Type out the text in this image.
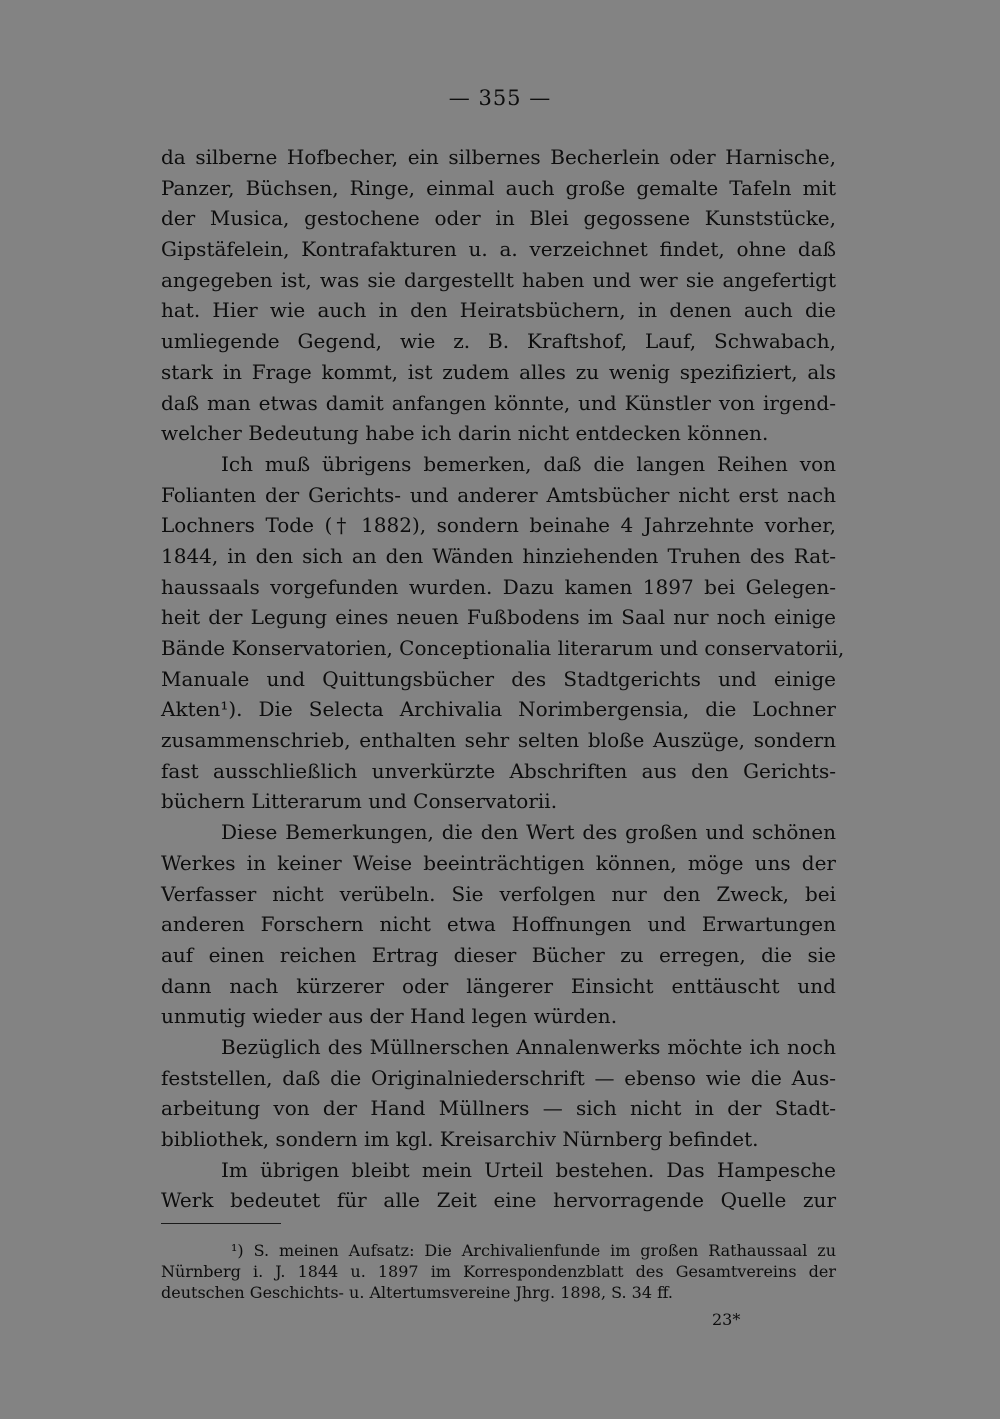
— 355 —
da silberne Hofbecher, ein silbernes Becherlein oder Harnische,
Panzer, Büchsen, Ringe, einmal auch große gemalte Tafeln mit
der Musica, gestochene oder in Blei gegossene Kunststücke,
Gipstäfelein, Kontrafakturen u. a. verzeichnet findet, ohne daß
angegeben ist, was sie dargestellt haben und wer sie angefertigt
hat. Hier wie auch in den Heiratsbüchern, in denen auch die
umliegende Gegend, wie z. B. Kraftshof, Lauf, Schwabach,
stark in Frage kommt, ist zudem alles zu wenig spezifiziert, als
daß man etwas damit anfangen könnte, und Künstler von irgend-
welcher Bedeutung habe ich darin nicht entdecken können.
Ich muß übrigens bemerken, daß die langen Reihen von
Folianten der Gerichts- und anderer Amtsbücher nicht erst nach
Lochners Tode († 1882), sondern beinahe 4 Jahrzehnte vorher,
1844, in den sich an den Wänden hinziehenden Truhen des Rat-
haussaals vorgefunden wurden. Dazu kamen 1897 bei Gelegen-
heit der Legung eines neuen Fußbodens im Saal nur noch einige
Bände Konservatorien, Conceptionalia literarum und conservatorii,
Manuale und Quittungsbücher des Stadtgerichts und einige
Akten¹). Die Selecta Archivalia Norimbergensia, die Lochner
zusammenschrieb, enthalten sehr selten bloße Auszüge, sondern
fast ausschließlich unverkürzte Abschriften aus den Gerichts-
büchern Litterarum und Conservatorii.
Diese Bemerkungen, die den Wert des großen und schönen
Werkes in keiner Weise beeinträchtigen können, möge uns der
Verfasser nicht verübeln. Sie verfolgen nur den Zweck, bei
anderen Forschern nicht etwa Hoffnungen und Erwartungen
auf einen reichen Ertrag dieser Bücher zu erregen, die sie
dann nach kürzerer oder längerer Einsicht enttäuscht und
unmutig wieder aus der Hand legen würden.
Bezüglich des Müllnerschen Annalenwerks möchte ich noch
feststellen, daß die Originalniederschrift — ebenso wie die Aus-
arbeitung von der Hand Müllners — sich nicht in der Stadt-
bibliothek, sondern im kgl. Kreisarchiv Nürnberg befindet.
Im übrigen bleibt mein Urteil bestehen. Das Hampesche
Werk bedeutet für alle Zeit eine hervorragende Quelle zur
¹) S. meinen Aufsatz: Die Archivalienfunde im großen Rathaussaal zu
Nürnberg i. J. 1844 u. 1897 im Korrespondenzblatt des Gesamtvereins der
deutschen Geschichts- u. Altertumsvereine Jhrg. 1898, S. 34 ff.
23*
